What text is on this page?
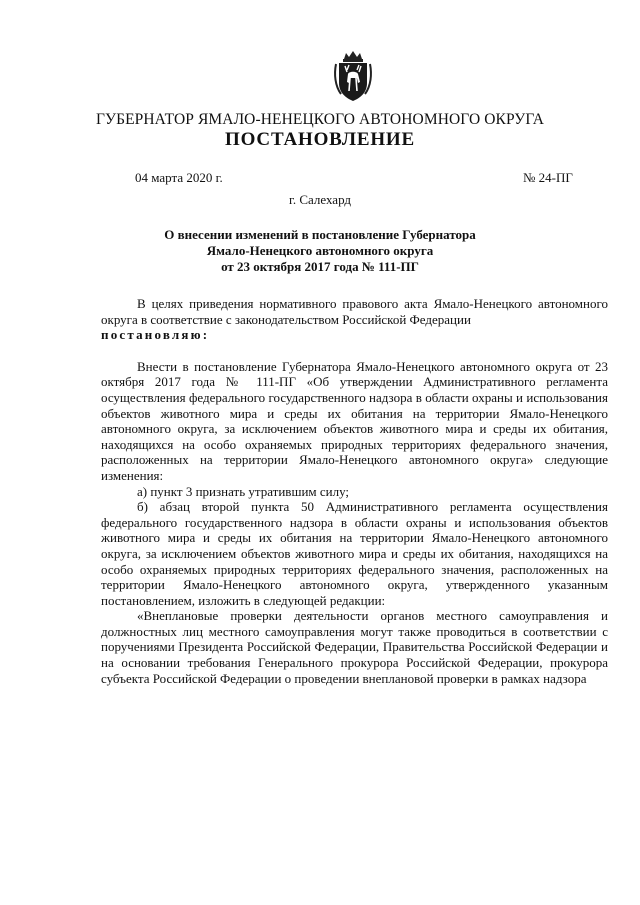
ГУБЕРНАТОР ЯМАЛО-НЕНЕЦКОГО АВТОНОМНОГО ОКРУГА
ПОСТАНОВЛЕНИЕ
04 марта 2020 г.	№ 24-ПГ
г. Салехард
О внесении изменений в постановление Губернатора
Ямало-Ненецкого автономного округа
от 23 октября 2017 года № 111-ПГ

В целях приведения нормативного правового акта Ямало-Ненецкого автономного округа в соответствие с законодательством Российской Федерации

постановляю:

Внести в постановление Губернатора Ямало-Ненецкого автономного округа от 23 октября 2017 года № 111-ПГ «Об утверждении Административного регламента осуществления федерального государственного надзора в области охраны и использования объектов животного мира и среды их обитания на территории Ямало-Ненецкого автономного округа, за исключением объектов животного мира и среды их обитания, находящихся на особо охраняемых природных территориях федерального значения, расположенных на территории Ямало-Ненецкого автономного округа» следующие изменения:

а) пункт 3 признать утратившим силу;

б) абзац второй пункта 50 Административного регламента осуществления федерального государственного надзора в области охраны и использования объектов животного мира и среды их обитания на территории Ямало-Ненецкого автономного округа, за исключением объектов животного мира и среды их обитания, находящихся на особо охраняемых природных территориях федерального значения, расположенных на территории Ямало-Ненецкого автономного округа, утвержденного указанным постановлением, изложить в следующей редакции:

«Внеплановые проверки деятельности органов местного самоуправления и должностных лиц местного самоуправления могут также проводиться в соответствии с поручениями Президента Российской Федерации, Правительства Российской Федерации и на основании требования Генерального прокурора Российской Федерации, прокурора субъекта Российской Федерации о проведении внеплановой проверки в рамках надзора
